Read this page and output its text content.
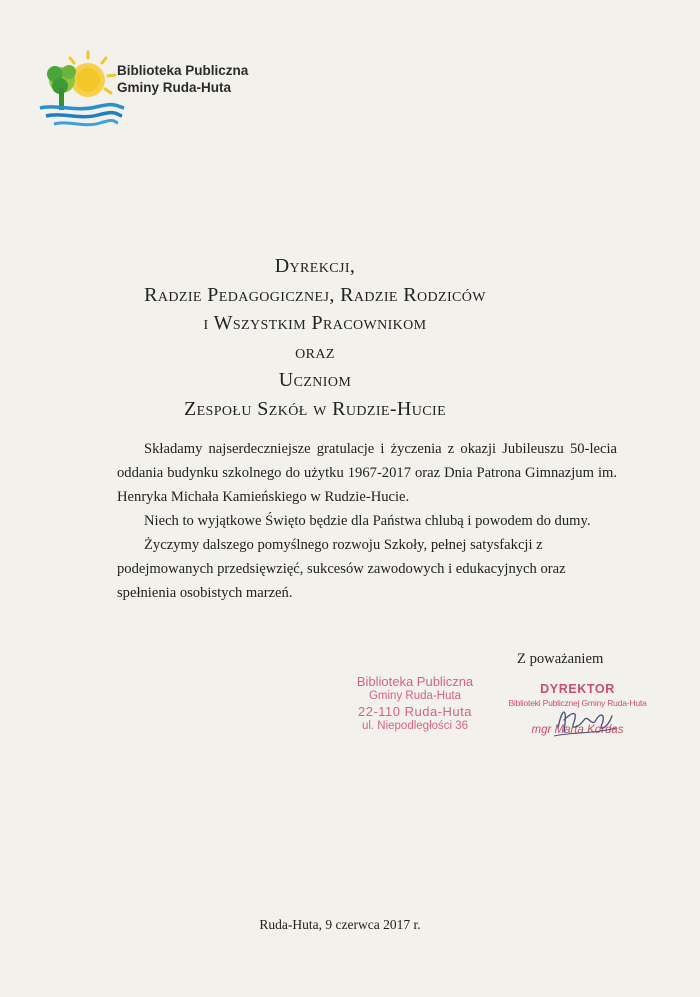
Biblioteka Publiczna
Gminy Ruda-Huta
Dyrekcji,
Radzie Pedagogicznej, Radzie Rodziców
i Wszystkim Pracownikom
oraz
Uczniom
Zespołu Szkół w Rudzie-Hucie

Składamy najserdeczniejsze gratulacje i życzenia z okazji Jubileuszu 50-lecia oddania budynku szkolnego do użytku 1967-2017 oraz Dnia Patrona Gimnazjum im. Henryka Michała Kamieńskiego w Rudzie-Hucie.

Niech to wyjątkowe Święto będzie dla Państwa chlubą i powodem do dumy.

Życzymy dalszego pomyślnego rozwoju Szkoły, pełnej satysfakcji z podejmowanych przedsięwzięć, sukcesów zawodowych i edukacyjnych oraz spełnienia osobistych marzeń.

Z poważaniem
Biblioteka Publiczna
Gminy Ruda-Huta
22-110 Ruda-Huta
ul. Niepodległości 36
DYREKTOR
Biblioteki Publicznej Gminy Ruda-Huta
mgr Marta Kordas
Ruda-Huta, 9 czerwca 2017 r.
